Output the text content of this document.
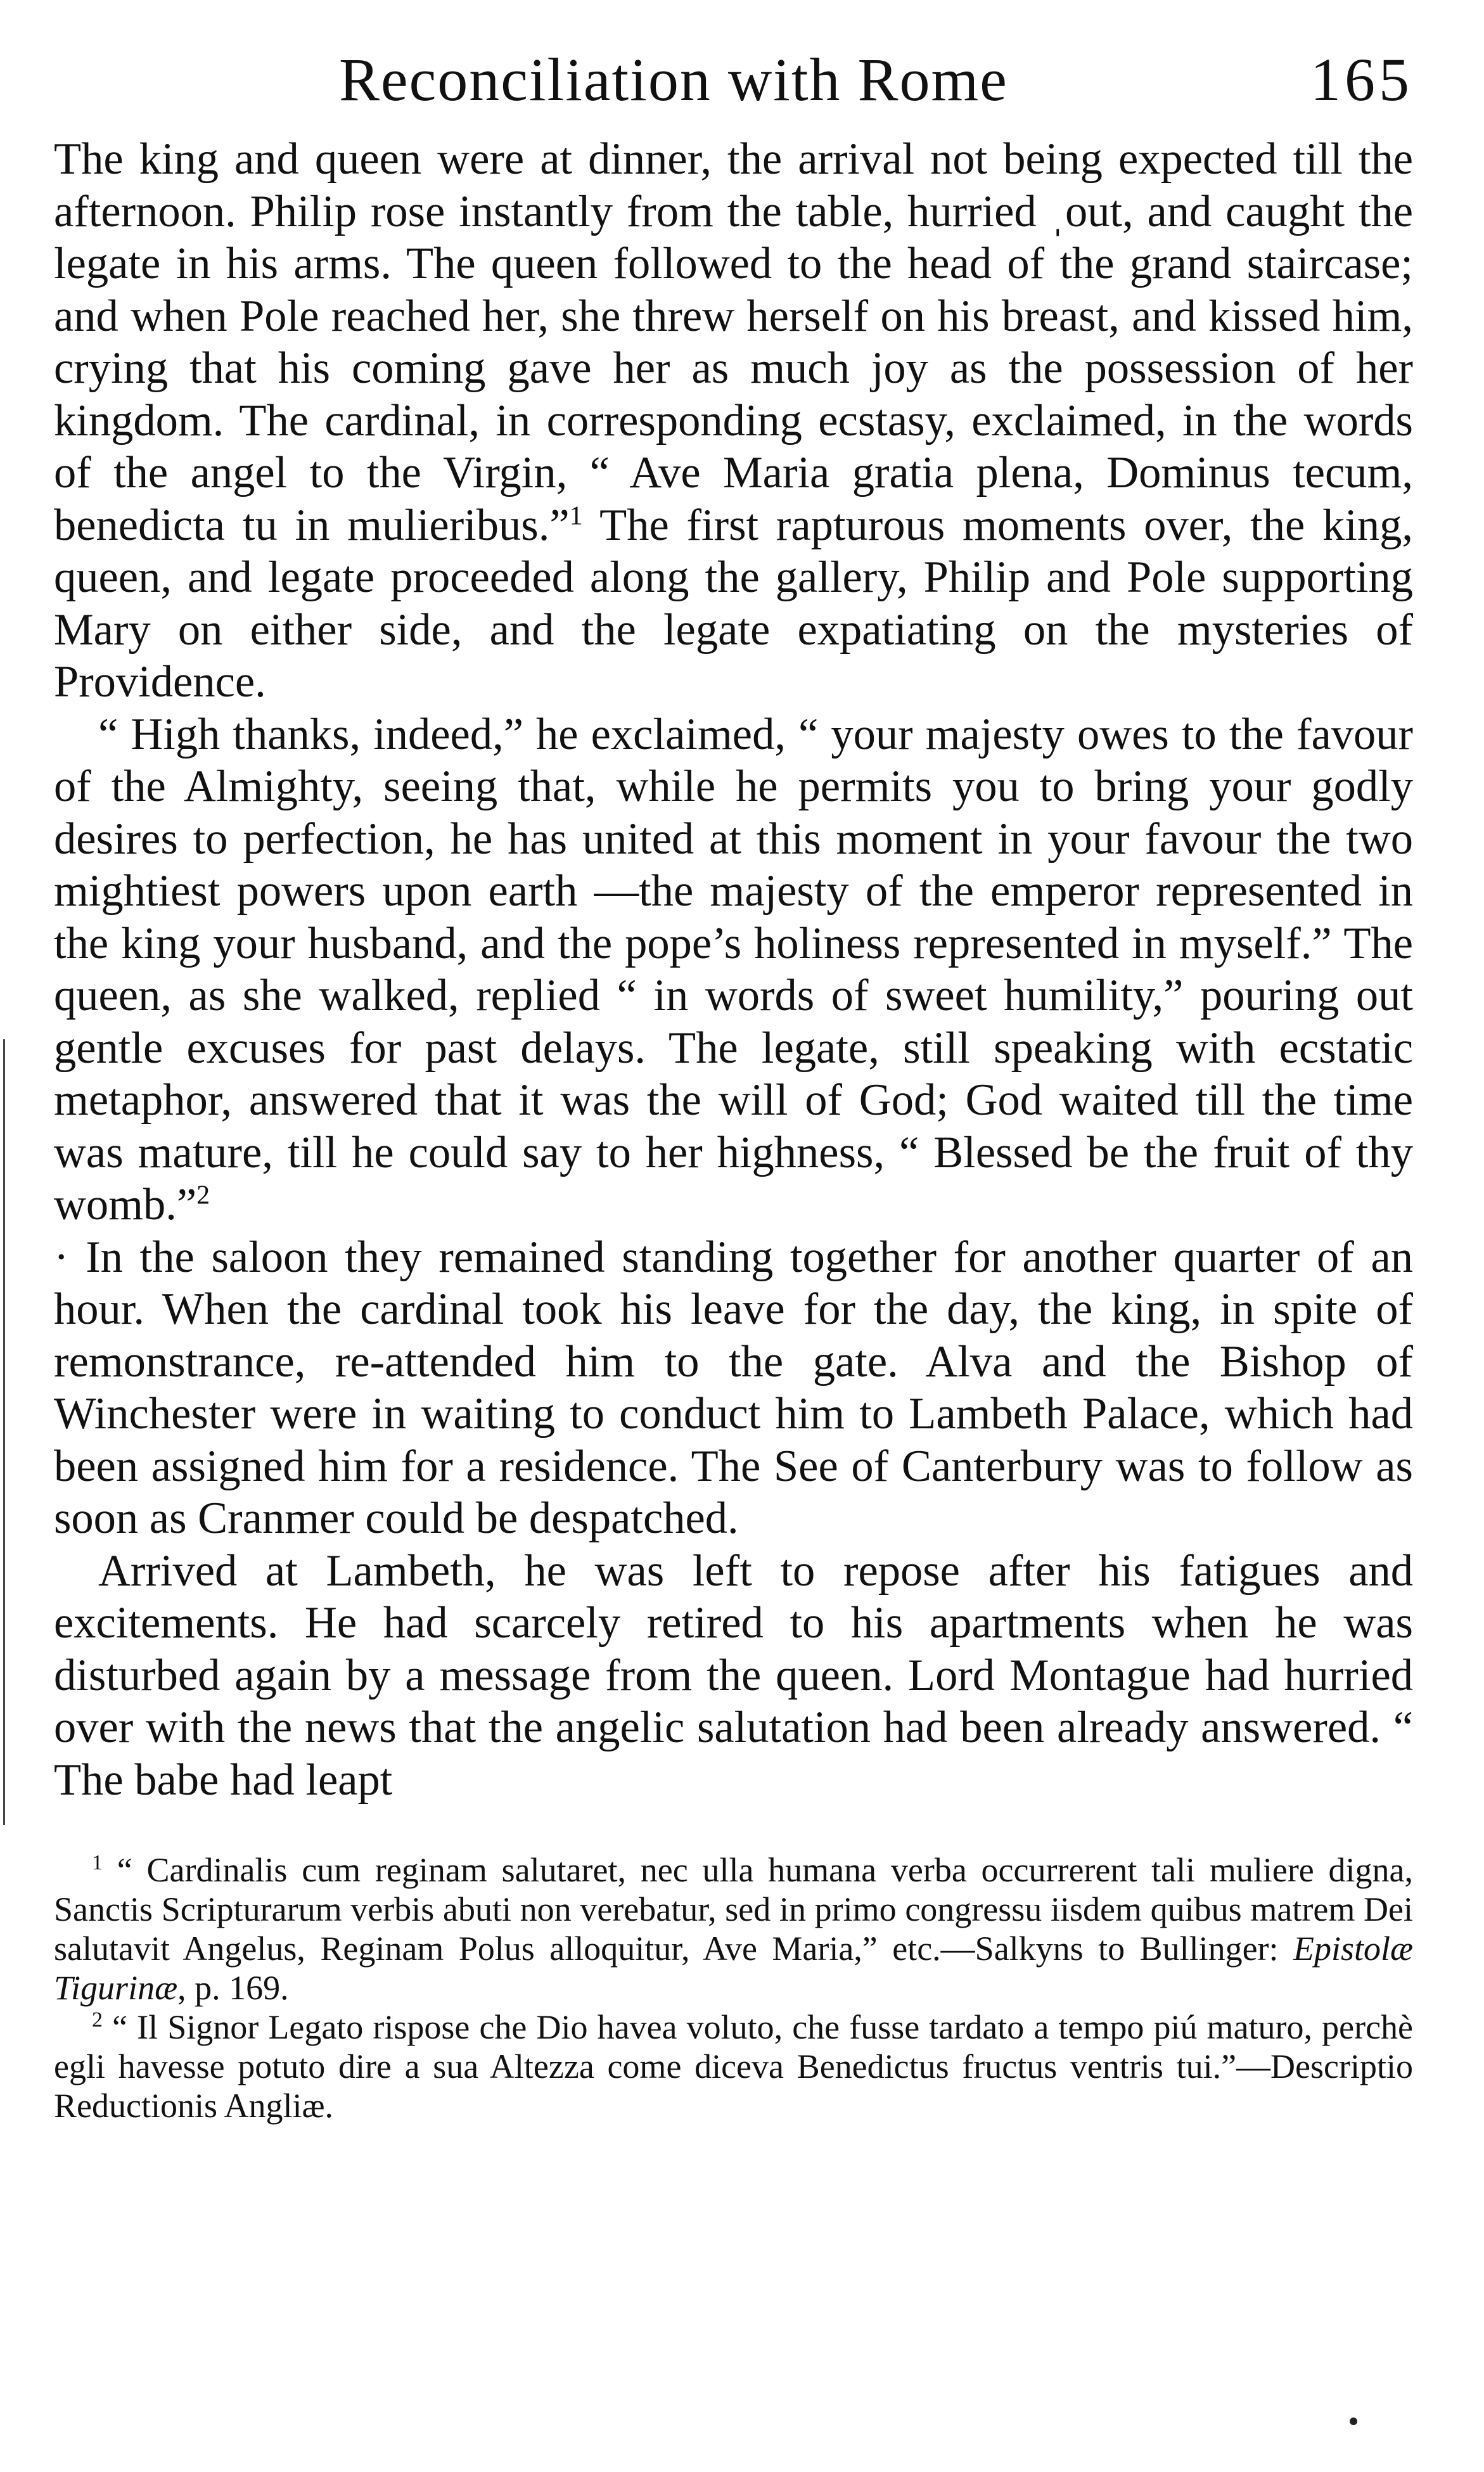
Reconciliation with Rome	165

The king and queen were at dinner, the arrival not being expected till the afternoon. Philip rose instantly from the table, hurried ˌout, and caught the legate in his arms. The queen followed to the head of the grand staircase; and when Pole reached her, she threw herself on his breast, and kissed him, crying that his coming gave her as much joy as the possession of her kingdom. The cardinal, in corresponding ecstasy, exclaimed, in the words of the angel to the Virgin, “ Ave Maria gratia plena, Dominus tecum, benedicta tu in mulieribus.”$^1$ The first rapturous moments over, the king, queen, and legate proceeded along the gallery, Philip and Pole supporting Mary on either side, and the legate expatiating on the mysteries of Providence.

“ High thanks, indeed,” he exclaimed, “ your majesty owes to the favour of the Almighty, seeing that, while he permits you to bring your godly desires to perfection, he has united at this moment in your favour the two mightiest powers upon earth —the majesty of the emperor represented in the king your husband, and the pope’s holiness represented in myself.” The queen, as she walked, replied “ in words of sweet humility,” pouring out gentle excuses for past delays. The legate, still speaking with ecstatic metaphor, answered that it was the will of God; God waited till the time was mature, till he could say to her highness, “ Blessed be the fruit of thy womb.”$^2$

· In the saloon they remained standing together for another quarter of an hour. When the cardinal took his leave for the day, the king, in spite of remonstrance, re-attended him to the gate. Alva and the Bishop of Winchester were in waiting to conduct him to Lambeth Palace, which had been assigned him for a residence. The See of Canterbury was to follow as soon as Cranmer could be despatched.

Arrived at Lambeth, he was left to repose after his fatigues and excitements. He had scarcely retired to his apartments when he was disturbed again by a message from the queen. Lord Montague had hurried over with the news that the angelic salutation had been already answered. “ The babe had leapt

$^1$ “ Cardinalis cum reginam salutaret, nec ulla humana verba occurrerent tali muliere digna, Sanctis Scripturarum verbis abuti non verebatur, sed in primo congressu iisdem quibus matrem Dei salutavit Angelus, Reginam Polus alloquitur, Ave Maria,” etc.—Salkyns to Bullinger: Epistolæ Tigurinæ, p. 169.

$^2$ “ Il Signor Legato rispose che Dio havea voluto, che fusse tardato a tempo piú maturo, perchè egli havesse potuto dire a sua Altezza come diceva Benedictus fructus ventris tui.”—Descriptio Reductionis Angliæ.
